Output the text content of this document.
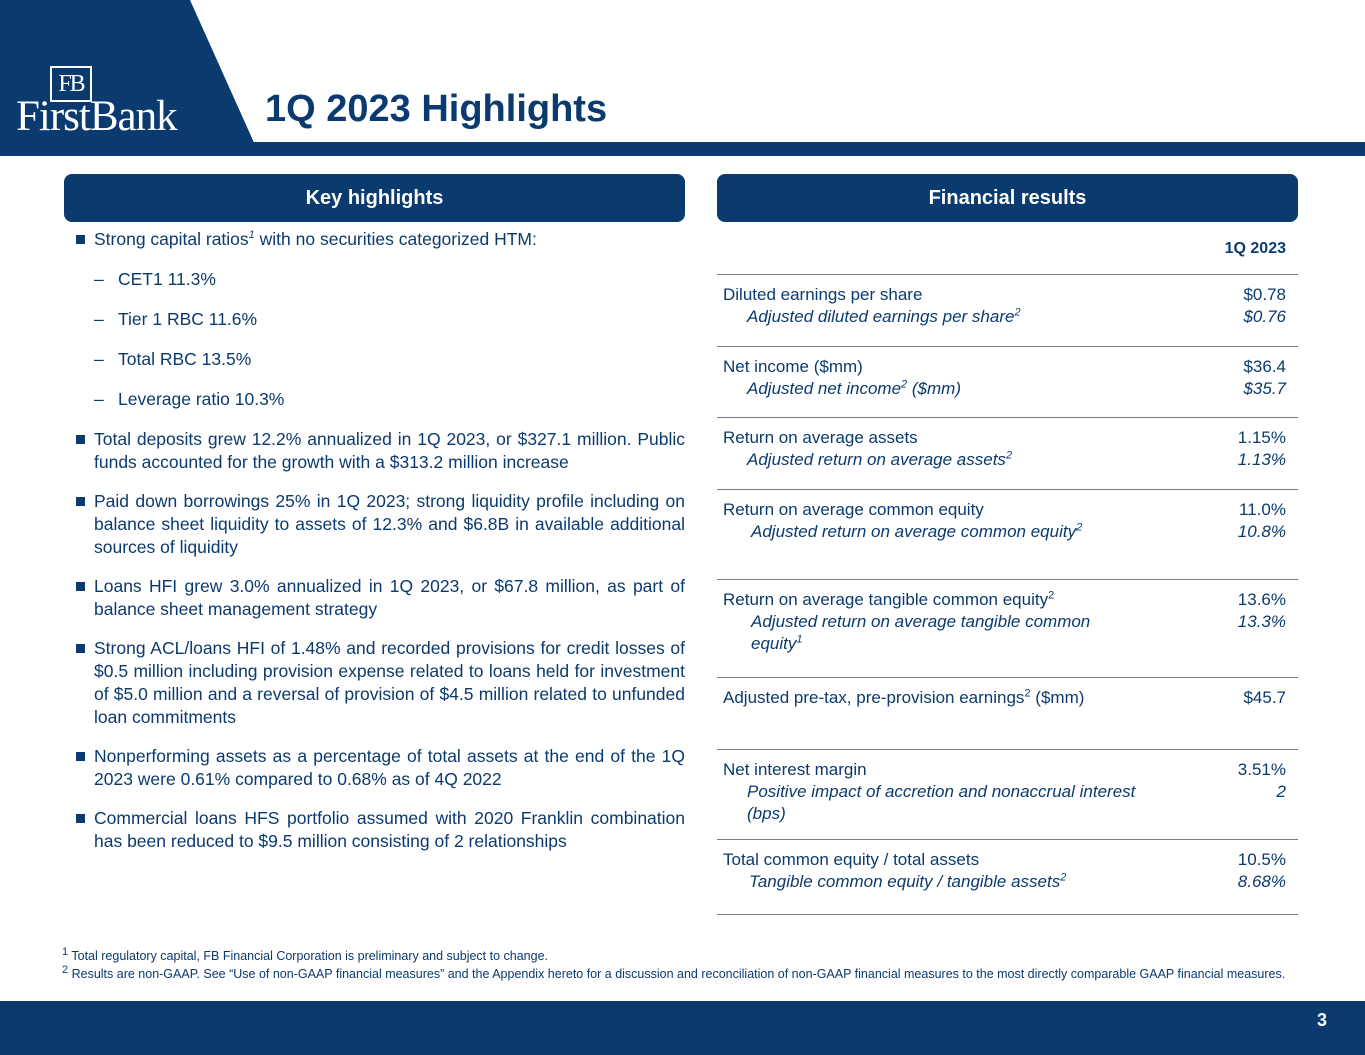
FB
FirstBank 1Q 2023 Highlights
Key highlights	Financial results
Strong capital ratios$^1$ with no securities categorized HTM:
– CET1 11.3%
– Tier 1 RBC 11.6%
– Total RBC 13.5%
– Leverage ratio 10.3%
Total deposits grew 12.2% annualized in 1Q 2023, or $327.1 million. Public funds accounted for the growth with a $313.2 million increase
Paid down borrowings 25% in 1Q 2023; strong liquidity profile including on balance sheet liquidity to assets of 12.3% and $6.8B in available additional sources of liquidity
Loans HFI grew 3.0% annualized in 1Q 2023, or $67.8 million, as part of balance sheet management strategy
Strong ACL/loans HFI of 1.48% and recorded provisions for credit losses of $0.5 million including provision expense related to loans held for investment of $5.0 million and a reversal of provision of $4.5 million related to unfunded loan commitments
Nonperforming assets as a percentage of total assets at the end of the 1Q 2023 were 0.61% compared to 0.68% as of 4Q 2022
Commercial loans HFS portfolio assumed with 2020 Franklin combination has been reduced to $9.5 million consisting of 2 relationships
1Q 2023
Diluted earnings per share	$0.78
Adjusted diluted earnings per share$^2$	$0.76
Net income ($mm)	$36.4
Adjusted net income$^2$ ($mm)	$35.7
Return on average assets	1.15%
Adjusted return on average assets$^2$	1.13%
Return on average common equity	11.0%
Adjusted return on average common equity$^2$	10.8%
Return on average tangible common equity$^2$	13.6%
Adjusted return on average tangible common	13.3%
equity$^1$
Adjusted pre-tax, pre-provision earnings$^2$ ($mm)	$45.7
Net interest margin	3.51%
Positive impact of accretion and nonaccrual interest	2
(bps)
Total common equity / total assets	10.5%
Tangible common equity / tangible assets$^2$	8.68%
$^1$ Total regulatory capital, FB Financial Corporation is preliminary and subject to change.
$^2$ Results are non-GAAP. See “Use of non-GAAP financial measures” and the Appendix hereto for a discussion and reconciliation of non-GAAP financial measures to the most directly comparable GAAP financial measures.
3
